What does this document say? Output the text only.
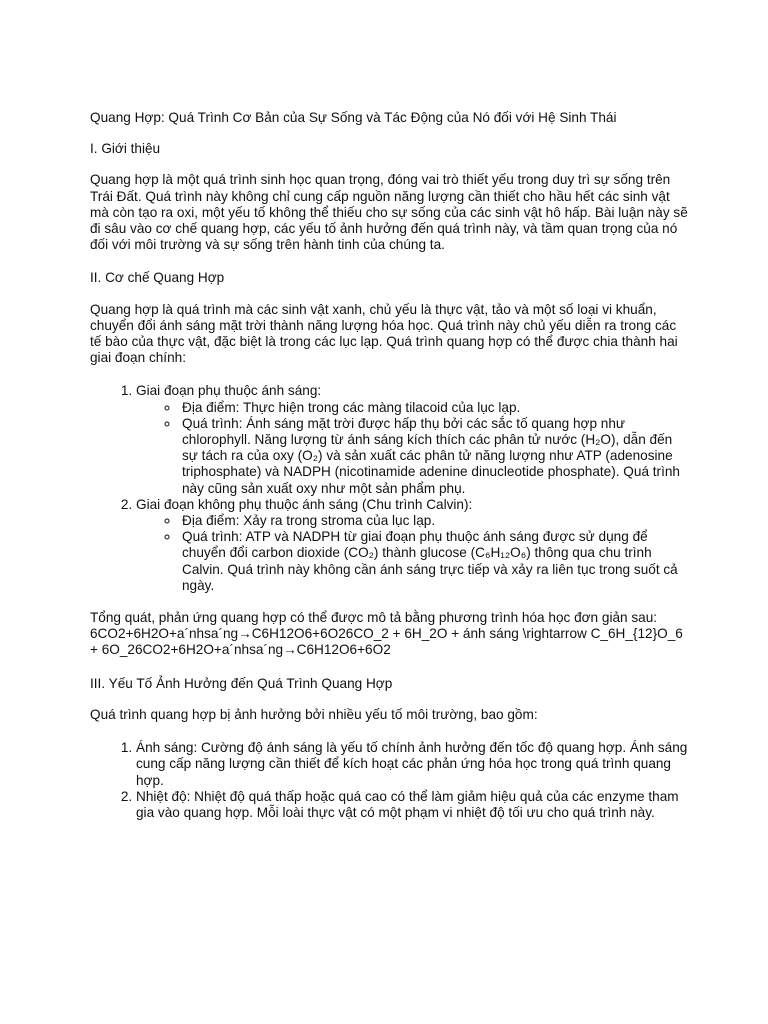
Quang Hợp: Quá Trình Cơ Bản của Sự Sống và Tác Động của Nó đối với Hệ Sinh Thái
I. Giới thiệu

Quang hợp là một quá trình sinh học quan trọng, đóng vai trò thiết yếu trong duy trì sự sống trên Trái Đất. Quá trình này không chỉ cung cấp nguồn năng lượng cần thiết cho hầu hết các sinh vật mà còn tạo ra oxi, một yếu tố không thể thiếu cho sự sống của các sinh vật hô hấp. Bài luận này sẽ đi sâu vào cơ chế quang hợp, các yếu tố ảnh hưởng đến quá trình này, và tầm quan trọng của nó đối với môi trường và sự sống trên hành tinh của chúng ta.

II. Cơ chế Quang Hợp

Quang hợp là quá trình mà các sinh vật xanh, chủ yếu là thực vật, tảo và một số loại vi khuẩn, chuyển đổi ánh sáng mặt trời thành năng lượng hóa học. Quá trình này chủ yếu diễn ra trong các tế bào của thực vật, đặc biệt là trong các lục lạp. Quá trình quang hợp có thể được chia thành hai giai đoạn chính:

1. Giai đoạn phụ thuộc ánh sáng:
◦ Địa điểm: Thực hiện trong các màng tilacoid của lục lạp.
◦ Quá trình: Ánh sáng mặt trời được hấp thụ bởi các sắc tố quang hợp như chlorophyll. Năng lượng từ ánh sáng kích thích các phân tử nước (H₂O), dẫn đến sự tách ra của oxy (O₂) và sản xuất các phân tử năng lượng như ATP (adenosine triphosphate) và NADPH (nicotinamide adenine dinucleotide phosphate). Quá trình này cũng sản xuất oxy như một sản phẩm phụ.
2. Giai đoạn không phụ thuộc ánh sáng (Chu trình Calvin):
◦ Địa điểm: Xảy ra trong stroma của lục lạp.
◦ Quá trình: ATP và NADPH từ giai đoạn phụ thuộc ánh sáng được sử dụng để chuyển đổi carbon dioxide (CO₂) thành glucose (C₆H₁₂O₆) thông qua chu trình Calvin. Quá trình này không cần ánh sáng trực tiếp và xảy ra liên tục trong suốt cả ngày.

Tổng quát, phản ứng quang hợp có thể được mô tả bằng phương trình hóa học đơn giản sau: 6CO2+6H2O+a´nhsa´ng→C6H12O6+6O26CO_2 + 6H_2O + ánh sáng \rightarrow C_6H_{12}O_6 + 6O_26CO2+6H2O+a´nhsa´ng→C6H12O6+6O2

III. Yếu Tố Ảnh Hưởng đến Quá Trình Quang Hợp

Quá trình quang hợp bị ảnh hưởng bởi nhiều yếu tố môi trường, bao gồm:

1. Ánh sáng: Cường độ ánh sáng là yếu tố chính ảnh hưởng đến tốc độ quang hợp. Ánh sáng cung cấp năng lượng cần thiết để kích hoạt các phản ứng hóa học trong quá trình quang hợp.
2. Nhiệt độ: Nhiệt độ quá thấp hoặc quá cao có thể làm giảm hiệu quả của các enzyme tham gia vào quang hợp. Mỗi loài thực vật có một phạm vi nhiệt độ tối ưu cho quá trình này.
